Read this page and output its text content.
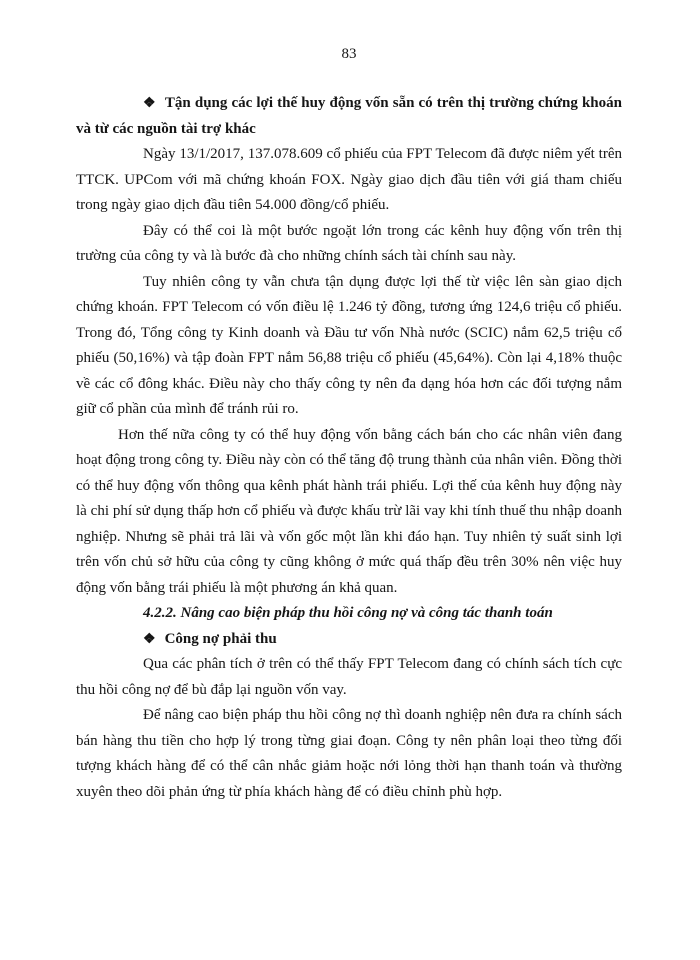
83

❖ Tận dụng các lợi thế huy động vốn sẵn có trên thị trường chứng khoán và từ các nguồn tài trợ khác

Ngày 13/1/2017, 137.078.609 cổ phiếu của FPT Telecom đã được niêm yết trên TTCK. UPCom với mã chứng khoán FOX. Ngày giao dịch đầu tiên với giá tham chiếu trong ngày giao dịch đầu tiên 54.000 đồng/cổ phiếu.

Đây có thể coi là một bước ngoặt lớn trong các kênh huy động vốn trên thị trường của công ty và là bước đà cho những chính sách tài chính sau này.

Tuy nhiên công ty vẫn chưa tận dụng được lợi thế từ việc lên sàn giao dịch chứng khoán. FPT Telecom có vốn điều lệ 1.246 tỷ đồng, tương ứng 124,6 triệu cổ phiếu. Trong đó, Tổng công ty Kinh doanh và Đầu tư vốn Nhà nước (SCIC) nắm 62,5 triệu cổ phiếu (50,16%) và tập đoàn FPT nắm 56,88 triệu cổ phiếu (45,64%). Còn lại 4,18% thuộc về các cổ đông khác. Điều này cho thấy công ty nên đa dạng hóa hơn các đối tượng nắm giữ cổ phần của mình để tránh rủi ro.

Hơn thế nữa công ty có thể huy động vốn bằng cách bán cho các nhân viên đang hoạt động trong công ty. Điều này còn có thể tăng độ trung thành của nhân viên. Đồng thời có thể huy động vốn thông qua kênh phát hành trái phiếu. Lợi thế của kênh huy động này là chi phí sử dụng thấp hơn cổ phiếu và được khấu trừ lãi vay khi tính thuế thu nhập doanh nghiệp. Nhưng sẽ phải trả lãi và vốn gốc một lần khi đáo hạn. Tuy nhiên tỷ suất sinh lợi trên vốn chủ sở hữu của công ty cũng không ở mức quá thấp đều trên 30% nên việc huy động vốn bằng trái phiếu là một phương án khả quan.

4.2.2. Nâng cao biện pháp thu hồi công nợ và công tác thanh toán

❖ Công nợ phải thu

Qua các phân tích ở trên có thể thấy FPT Telecom đang có chính sách tích cực thu hồi công nợ để bù đắp lại nguồn vốn vay.

Để nâng cao biện pháp thu hồi công nợ thì doanh nghiệp nên đưa ra chính sách bán hàng thu tiền cho hợp lý trong từng giai đoạn. Công ty nên phân loại theo từng đối tượng khách hàng để có thể cân nhắc giảm hoặc nới lỏng thời hạn thanh toán và thường xuyên theo dõi phản ứng từ phía khách hàng để có điều chỉnh phù hợp.
